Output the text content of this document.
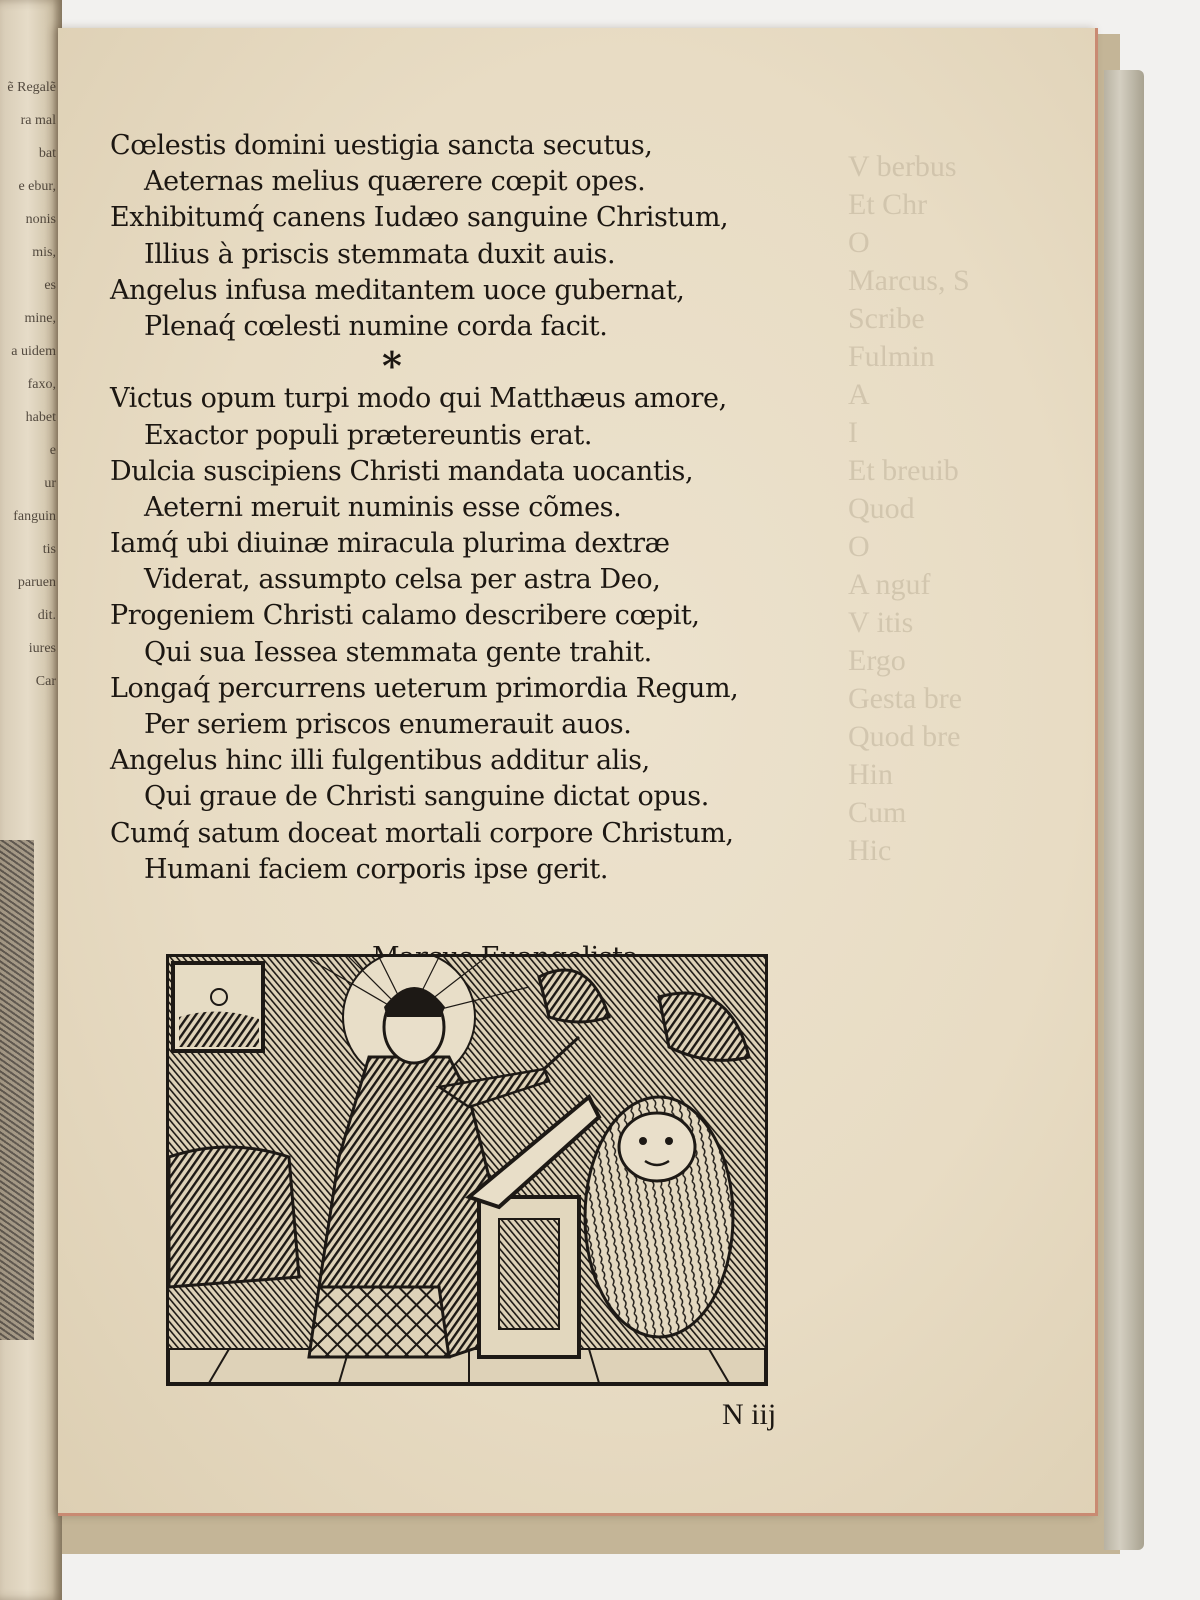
ẽ Regalẽ
ra mal
bat
e ebur,
nonis
mis,
es
mine,
a uidem
faxo,
habet
e
ur
fanguin
tis
paruen
dit.
iures
Car
V berbus
Et Chr
O
Marcus, S
Scribe
Fulmin
A
I
Et breuib
Quod
O
A nguf
V itis
Ergo
Gesta bre
Quod bre
Hin
Cum
Hic
Cœlestis domini uestigia sancta secutus,
Aeternas melius quærere cœpit opes.
Exhibitumq́ canens Iudæo sanguine Christum,
Illius à priscis stemmata duxit auis.
Angelus infusa meditantem uoce gubernat,
Plenaq́ cœlesti numine corda facit.
*
Victus opum turpi modo qui Matthæus amore,
Exactor populi prætereuntis erat.
Dulcia suscipiens Christi mandata uocantis,
Aeterni meruit numinis esse cõmes.
Iamq́ ubi diuinæ miracula plurima dextræ
Viderat, assumpto celsa per astra Deo,
Progeniem Christi calamo describere cœpit,
Qui sua Iessea stemmata gente trahit.
Longaq́ percurrens ueterum primordia Regum,
Per seriem priscos enumerauit auos.
Angelus hinc illi fulgentibus additur alis,
Qui graue de Christi sanguine dictat opus.
Cumq́ satum doceat mortali corpore Christum,
Humani faciem corporis ipse gerit.
N iij
